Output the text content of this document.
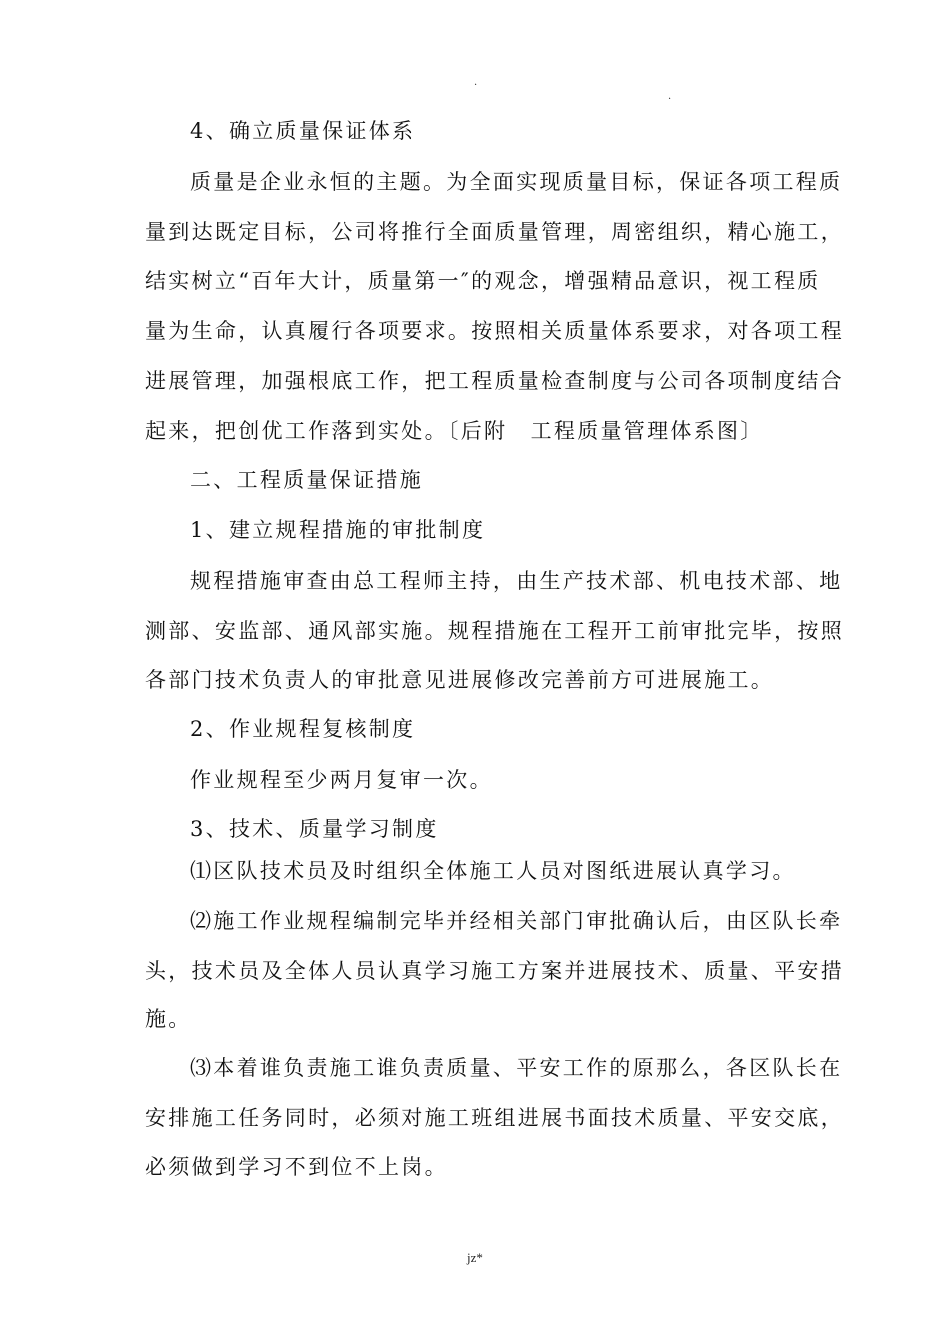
.
.
4、确立质量保证体系
质量是企业永恒的主题。为全面实现质量目标，保证各项工程质
量到达既定目标，公司将推行全面质量管理，周密组织，精心施工，
结实树立“百年大计，质量第一″的观念，增强精品意识，视工程质
量为生命，认真履行各项要求。按照相关质量体系要求，对各项工程
进展管理，加强根底工作，把工程质量检查制度与公司各项制度结合
起来，把创优工作落到实处。〔后附　工程质量管理体系图〕
二、工程质量保证措施
1、建立规程措施的审批制度
规程措施审查由总工程师主持，由生产技术部、机电技术部、地
测部、安监部、通风部实施。规程措施在工程开工前审批完毕，按照
各部门技术负责人的审批意见进展修改完善前方可进展施工。
2、作业规程复核制度
作业规程至少两月复审一次。
3、技术、质量学习制度
⑴区队技术员及时组织全体施工人员对图纸进展认真学习。
⑵施工作业规程编制完毕并经相关部门审批确认后，由区队长牵
头，技术员及全体人员认真学习施工方案并进展技术、质量、平安措
施。
⑶本着谁负责施工谁负责质量、平安工作的原那么，各区队长在
安排施工任务同时，必须对施工班组进展书面技术质量、平安交底，
必须做到学习不到位不上岗。
jz*
